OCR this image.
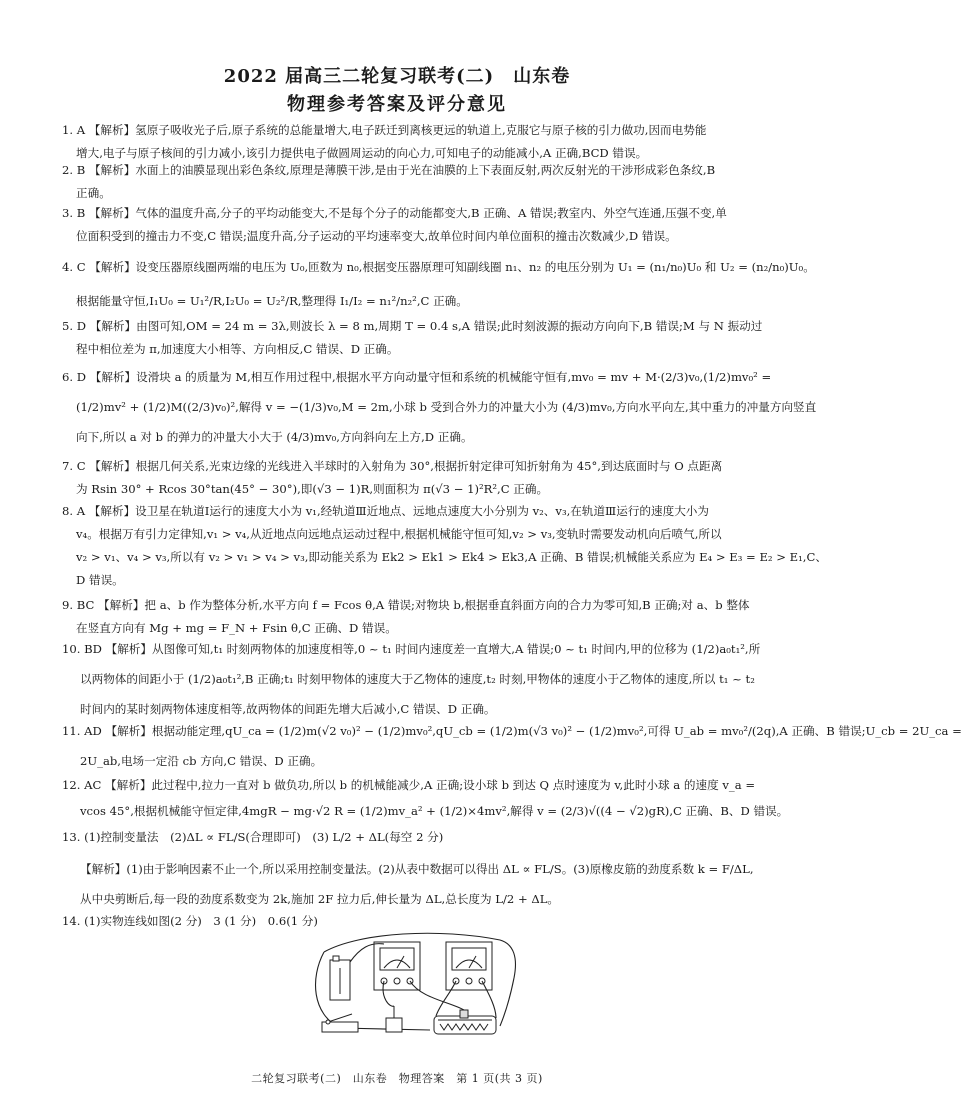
2022 届高三二轮复习联考(二)　山东卷
物理参考答案及评分意见
1. A 【解析】氢原子吸收光子后,原子系统的总能量增大,电子跃迁到离核更远的轨道上,克服它与原子核的引力做功,因而电势能
增大,电子与原子核间的引力减小,该引力提供电子做圆周运动的向心力,可知电子的动能减小,A 正确,BCD 错误。
2. B 【解析】水面上的油膜显现出彩色条纹,原理是薄膜干涉,是由于光在油膜的上下表面反射,两次反射光的干涉形成彩色条纹,B
正确。
3. B 【解析】气体的温度升高,分子的平均动能变大,不是每个分子的动能都变大,B 正确、A 错误;教室内、外空气连通,压强不变,单
位面积受到的撞击力不变,C 错误;温度升高,分子运动的平均速率变大,故单位时间内单位面积的撞击次数减少,D 错误。
4. C 【解析】设变压器原线圈两端的电压为 U₀,匝数为 n₀,根据变压器原理可知副线圈 n₁、n₂ 的电压分别为 U₁ = (n₁/n₀)U₀ 和 U₂ = (n₂/n₀)U₀。
根据能量守恒,I₁U₀ = U₁²/R,I₂U₀ = U₂²/R,整理得 I₁/I₂ = n₁²/n₂²,C 正确。
5. D 【解析】由图可知,OM = 24 m = 3λ,则波长 λ = 8 m,周期 T = 0.4 s,A 错误;此时刻波源的振动方向向下,B 错误;M 与 N 振动过
程中相位差为 π,加速度大小相等、方向相反,C 错误、D 正确。
6. D 【解析】设滑块 a 的质量为 M,相互作用过程中,根据水平方向动量守恒和系统的机械能守恒有,mv₀ = mv + M·(2/3)v₀,(1/2)mv₀² =
(1/2)mv² + (1/2)M((2/3)v₀)²,解得 v = −(1/3)v₀,M = 2m,小球 b 受到合外力的冲量大小为 (4/3)mv₀,方向水平向左,其中重力的冲量方向竖直
向下,所以 a 对 b 的弹力的冲量大小大于 (4/3)mv₀,方向斜向左上方,D 正确。
7. C 【解析】根据几何关系,光束边缘的光线进入半球时的入射角为 30°,根据折射定律可知折射角为 45°,到达底面时与 O 点距离
为 Rsin 30° + Rcos 30°tan(45° − 30°),即(√3 − 1)R,则面积为 π(√3 − 1)²R²,C 正确。
8. A 【解析】设卫星在轨道Ⅰ运行的速度大小为 v₁,经轨道Ⅲ近地点、远地点速度大小分别为 v₂、v₃,在轨道Ⅲ运行的速度大小为
v₄。根据万有引力定律知,v₁ > v₄,从近地点向远地点运动过程中,根据机械能守恒可知,v₂ > v₃,变轨时需要发动机向后喷气,所以
v₂ > v₁、v₄ > v₃,所以有 v₂ > v₁ > v₄ > v₃,即动能关系为 Ek2 > Ek1 > Ek4 > Ek3,A 正确、B 错误;机械能关系应为 E₄ > E₃ = E₂ > E₁,C、
D 错误。
9. BC 【解析】把 a、b 作为整体分析,水平方向 f = Fcos θ,A 错误;对物块 b,根据垂直斜面方向的合力为零可知,B 正确;对 a、b 整体
在竖直方向有 Mg + mg = F_N + Fsin θ,C 正确、D 错误。
10. BD 【解析】从图像可知,t₁ 时刻两物体的加速度相等,0 ~ t₁ 时间内速度差一直增大,A 错误;0 ~ t₁ 时间内,甲的位移为 (1/2)a₀t₁²,所
以两物体的间距小于 (1/2)a₀t₁²,B 正确;t₁ 时刻甲物体的速度大于乙物体的速度,t₂ 时刻,甲物体的速度小于乙物体的速度,所以 t₁ ~ t₂
时间内的某时刻两物体速度相等,故两物体的间距先增大后减小,C 错误、D 正确。
11. AD 【解析】根据动能定理,qU_ca = (1/2)m(√2 v₀)² − (1/2)mv₀²,qU_cb = (1/2)m(√3 v₀)² − (1/2)mv₀²,可得 U_ab = mv₀²/(2q),A 正确、B 错误;U_cb = 2U_ca =
2U_ab,电场一定沿 cb 方向,C 错误、D 正确。
12. AC 【解析】此过程中,拉力一直对 b 做负功,所以 b 的机械能减少,A 正确;设小球 b 到达 Q 点时速度为 v,此时小球 a 的速度 v_a =
vcos 45°,根据机械能守恒定律,4mgR − mg·√2 R = (1/2)mv_a² + (1/2)×4mv²,解得 v = (2/3)√((4 − √2)gR),C 正确、B、D 错误。
13. (1)控制变量法　(2)ΔL ∝ FL/S(合理即可)　(3) L/2 + ΔL(每空 2 分)
【解析】(1)由于影响因素不止一个,所以采用控制变量法。(2)从表中数据可以得出 ΔL ∝ FL/S。(3)原橡皮筋的劲度系数 k = F/ΔL,
从中央剪断后,每一段的劲度系数变为 2k,施加 2F 拉力后,伸长量为 ΔL,总长度为 L/2 + ΔL。
14. (1)实物连线如图(2 分)　3 (1 分)　0.6(1 分)
二轮复习联考(二)　山东卷　物理答案　第 1 页(共 3 页)
